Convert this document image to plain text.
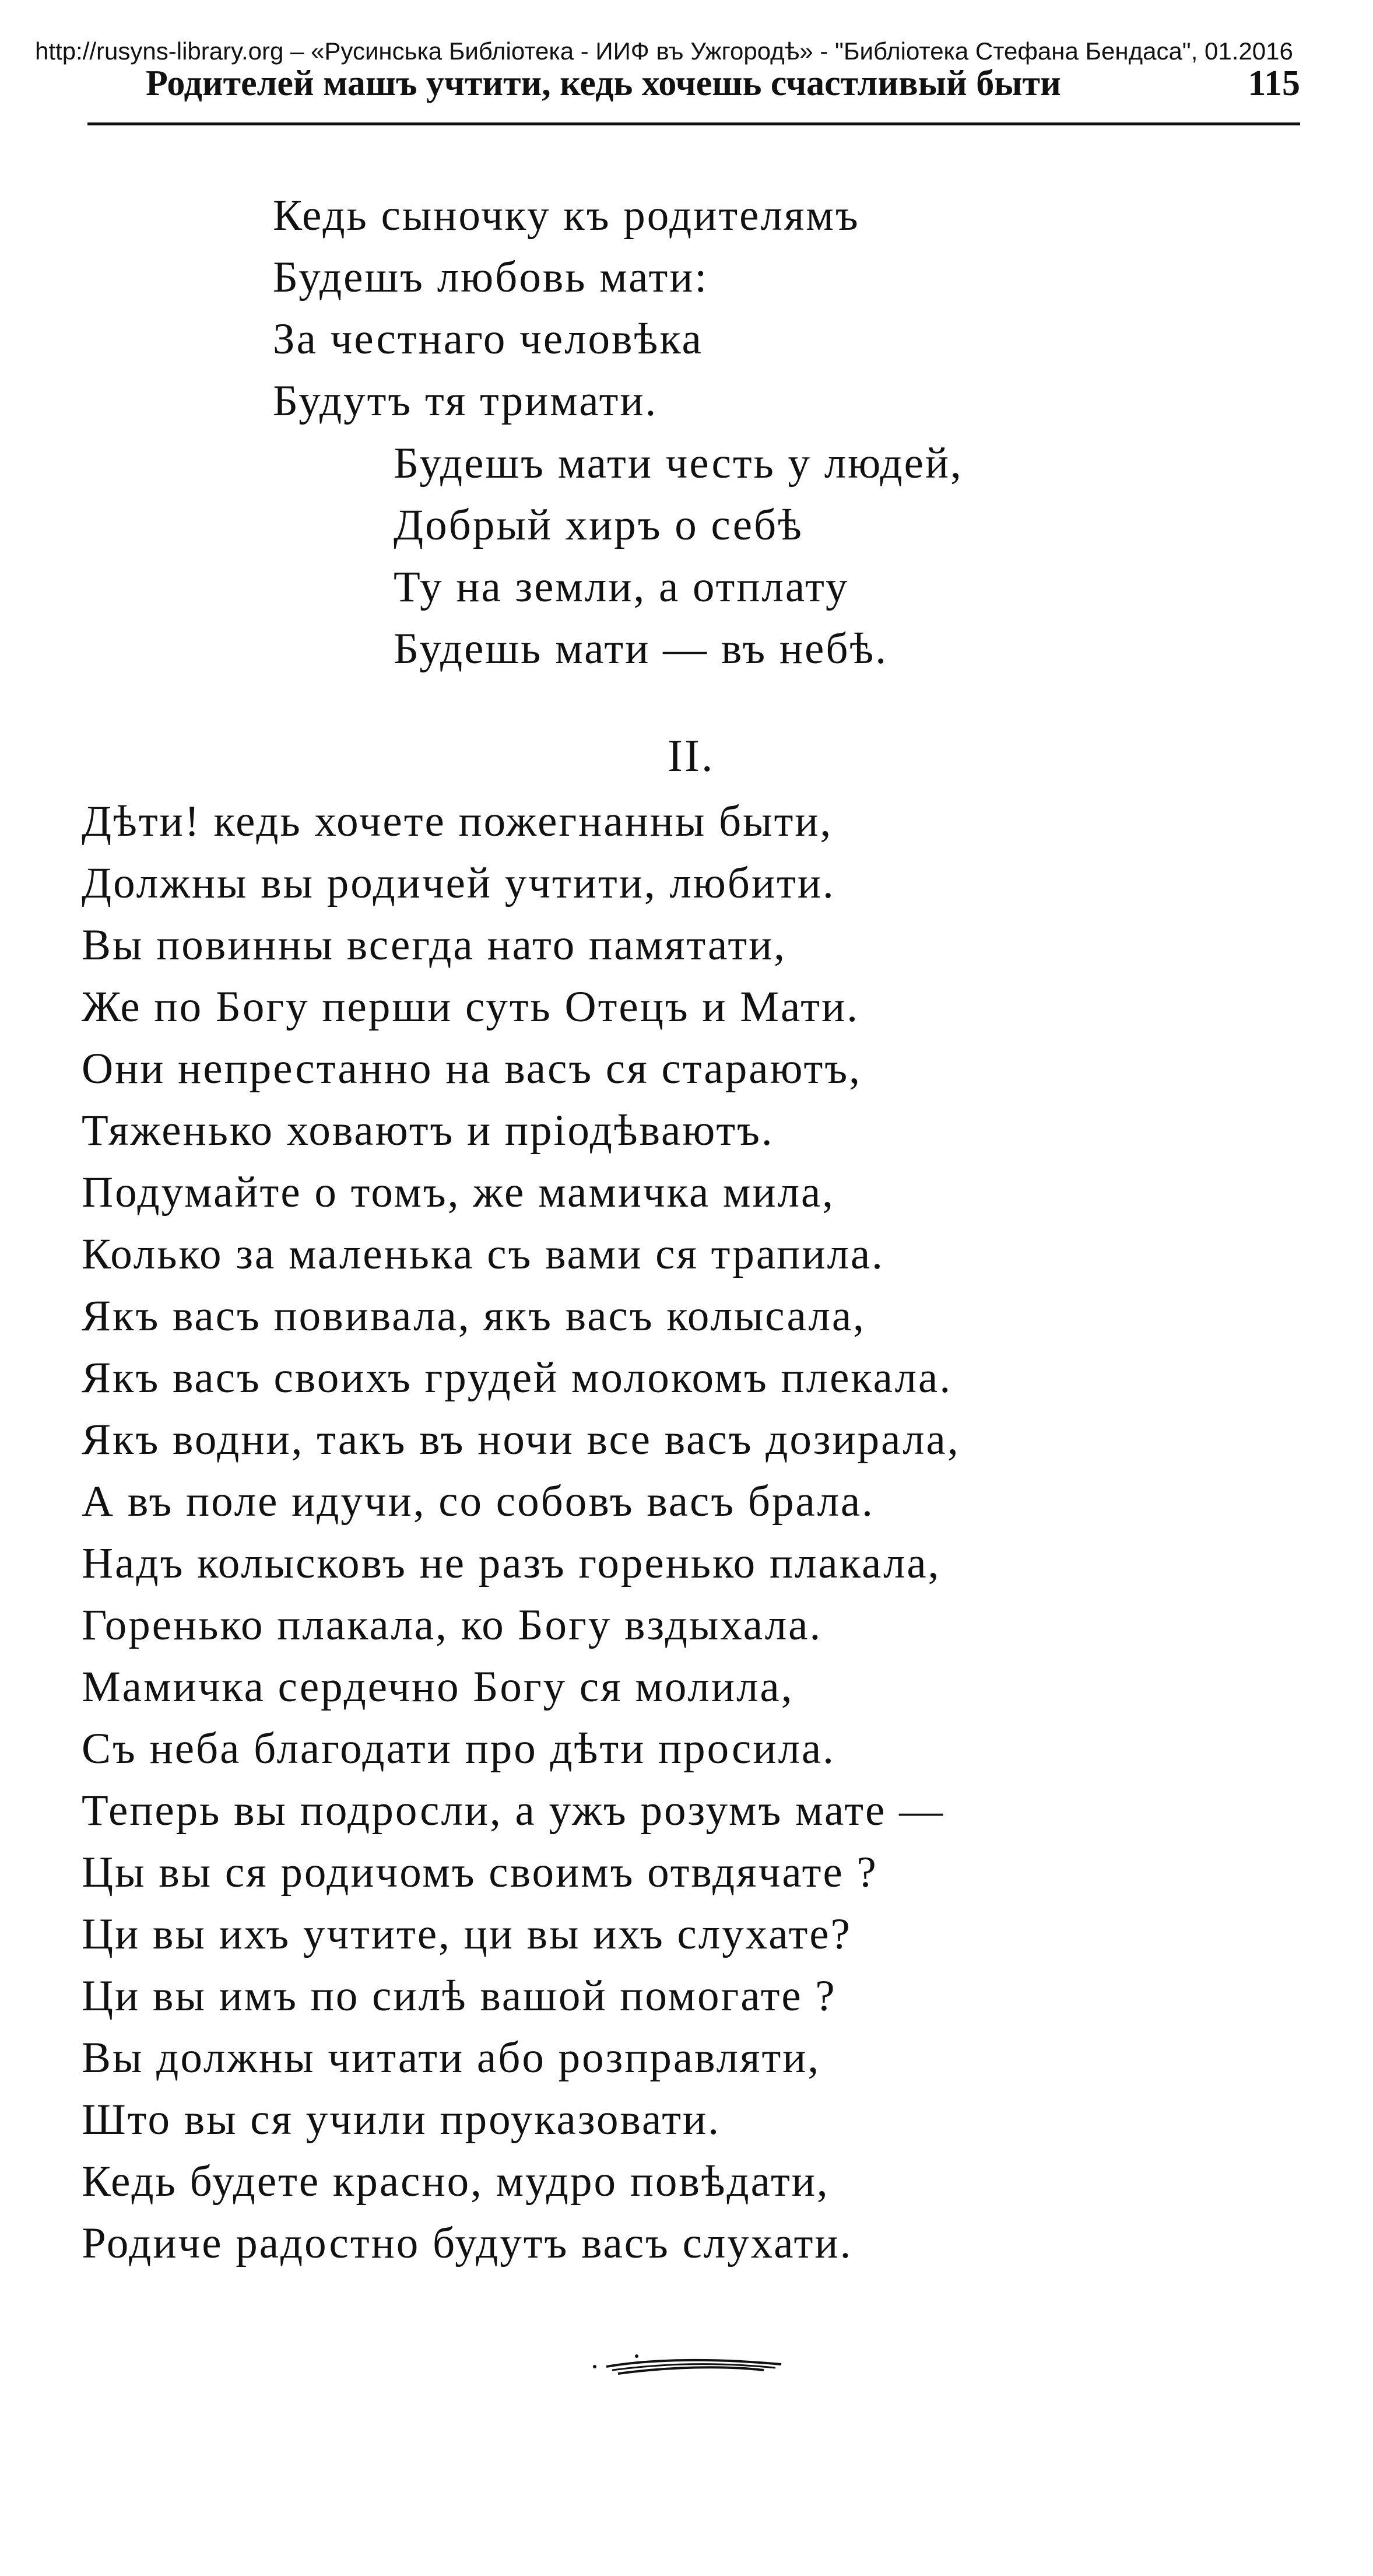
http://rusyns-library.org – «Русинська Библіотека - ИИФ въ Ужгородѣ» - "Библіотека Стефана Бендаса", 01.2016
Родителей машъ учтити, кедь хочешь счастливый быти	115
Кедь сыночку къ родителямъ
Будешъ любовь мати:
За честнаго человѣка
Будутъ тя тримати.
Будешъ мати честь у людей,
Добрый хиръ о себѣ
Ту на земли, а отплату
Будешь мати — въ небѣ.
II.
Дѣти! кедь хочете пожегнанны быти,
Должны вы родичей учтити, любити.
Вы повинны всегда нато памятати,
Же по Богу перши суть Отецъ и Мати.
Они непрестанно на васъ ся стараютъ,
Тяженько ховаютъ и пріодѣваютъ.
Подумайте о томъ, же мамичка мила,
Колько за маленька съ вами ся трапила.
Якъ васъ повивала, якъ васъ колысала,
Якъ васъ своихъ грудей молокомъ плекала.
Якъ водни, такъ въ ночи все васъ дозирала,
А въ поле идучи, со собовъ васъ брала.
Надъ колысковъ не разъ горенько плакала,
Горенько плакала, ко Богу вздыхала.
Мамичка сердечно Богу ся молила,
Съ неба благодати про дѣти просила.
Теперь вы подросли, а ужъ розумъ мате —
Цы вы ся родичомъ своимъ отвдячате ?
Ци вы ихъ учтите, ци вы ихъ слухате?
Ци вы имъ по силѣ вашой помогате ?
Вы должны читати або розправляти,
Што вы ся учили проуказовати.
Кедь будете красно, мудро повѣдати,
Родиче радостно будутъ васъ слухати.
